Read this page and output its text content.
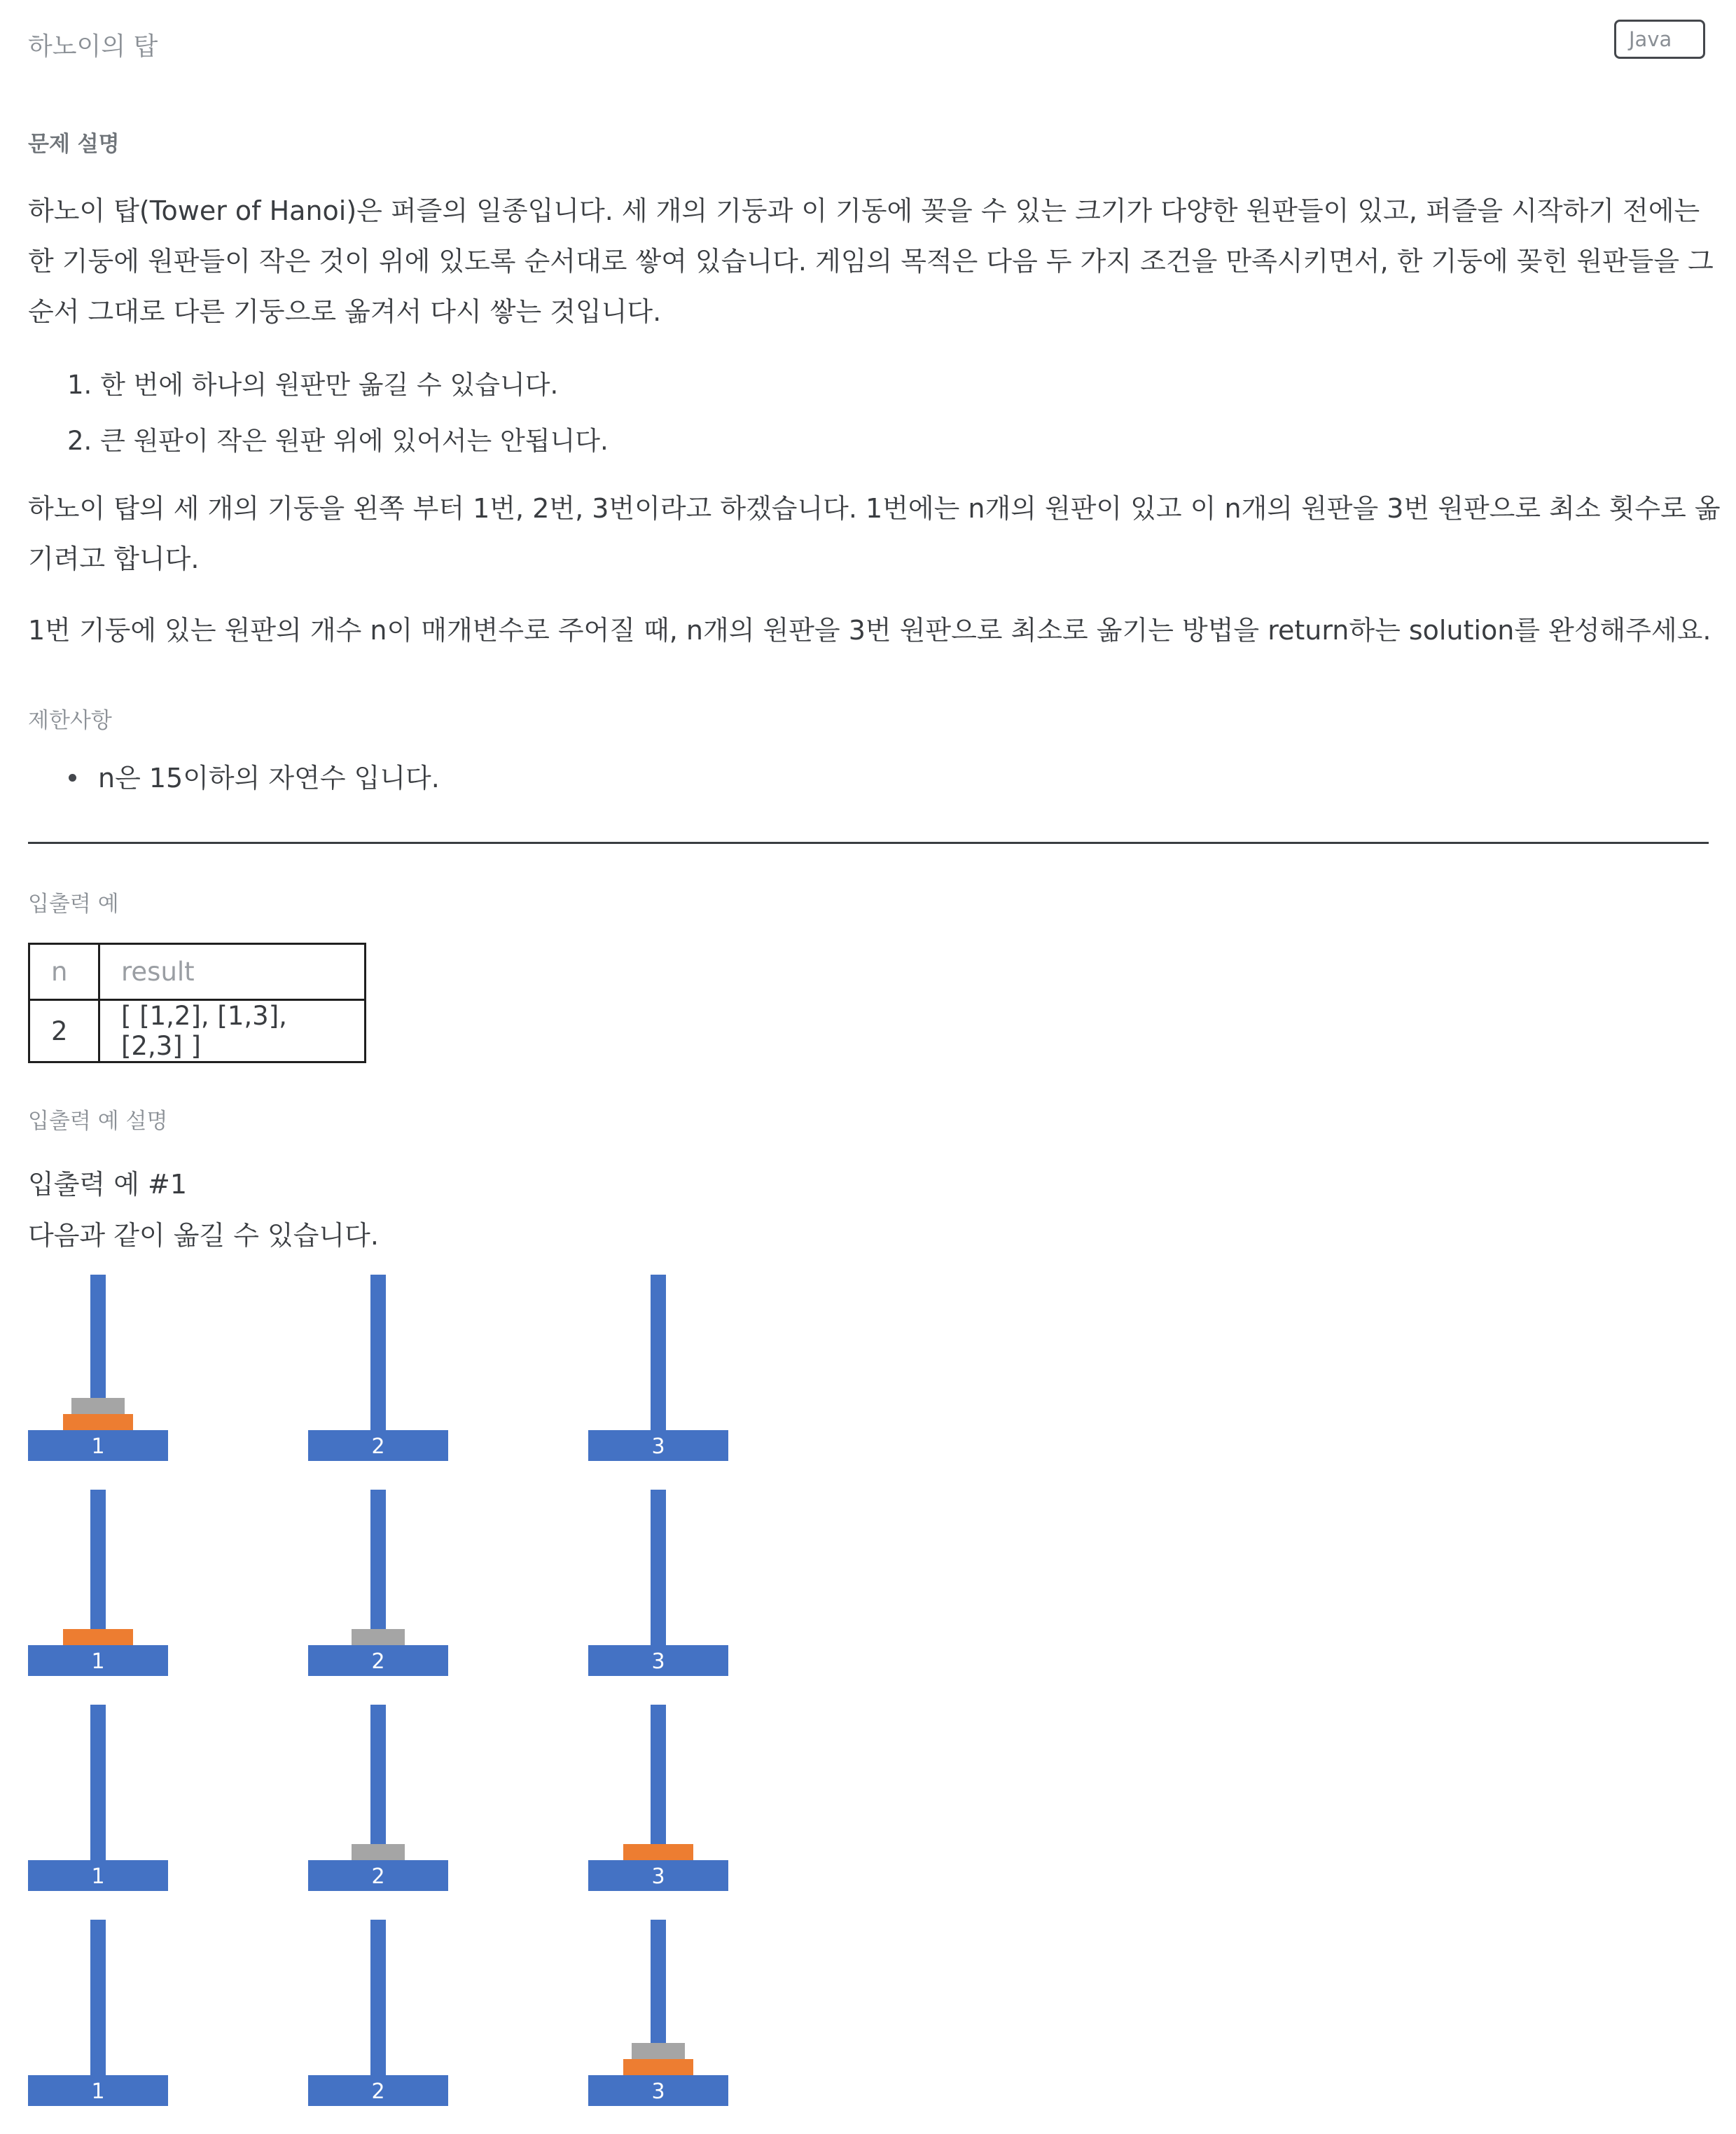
하노이의 탑	Java
문제 설명

하노이 탑(Tower of Hanoi)은 퍼즐의 일종입니다. 세 개의 기둥과 이 기동에 꽂을 수 있는 크기가 다양한 원판들이 있고, 퍼즐을 시작하기 전에는
한 기둥에 원판들이 작은 것이 위에 있도록 순서대로 쌓여 있습니다. 게임의 목적은 다음 두 가지 조건을 만족시키면서, 한 기둥에 꽂힌 원판들을 그
순서 그대로 다른 기둥으로 옮겨서 다시 쌓는 것입니다.

1. 한 번에 하나의 원판만 옮길 수 있습니다.
2. 큰 원판이 작은 원판 위에 있어서는 안됩니다.

하노이 탑의 세 개의 기둥을 왼쪽 부터 1번, 2번, 3번이라고 하겠습니다. 1번에는 n개의 원판이 있고 이 n개의 원판을 3번 원판으로 최소 횟수로 옮
기려고 합니다.

1번 기둥에 있는 원판의 개수 n이 매개변수로 주어질 때, n개의 원판을 3번 원판으로 최소로 옮기는 방법을 return하는 solution를 완성해주세요.

제한사항
n은 15이하의 자연수 입니다.
입출력 예
n	result
2	[ [1,2], [1,3], [2,3] ]
입출력 예 설명
입출력 예 #1
다음과 같이 옮길 수 있습니다.
1	2	3
1	2	3
1	2	3
1	2	3
